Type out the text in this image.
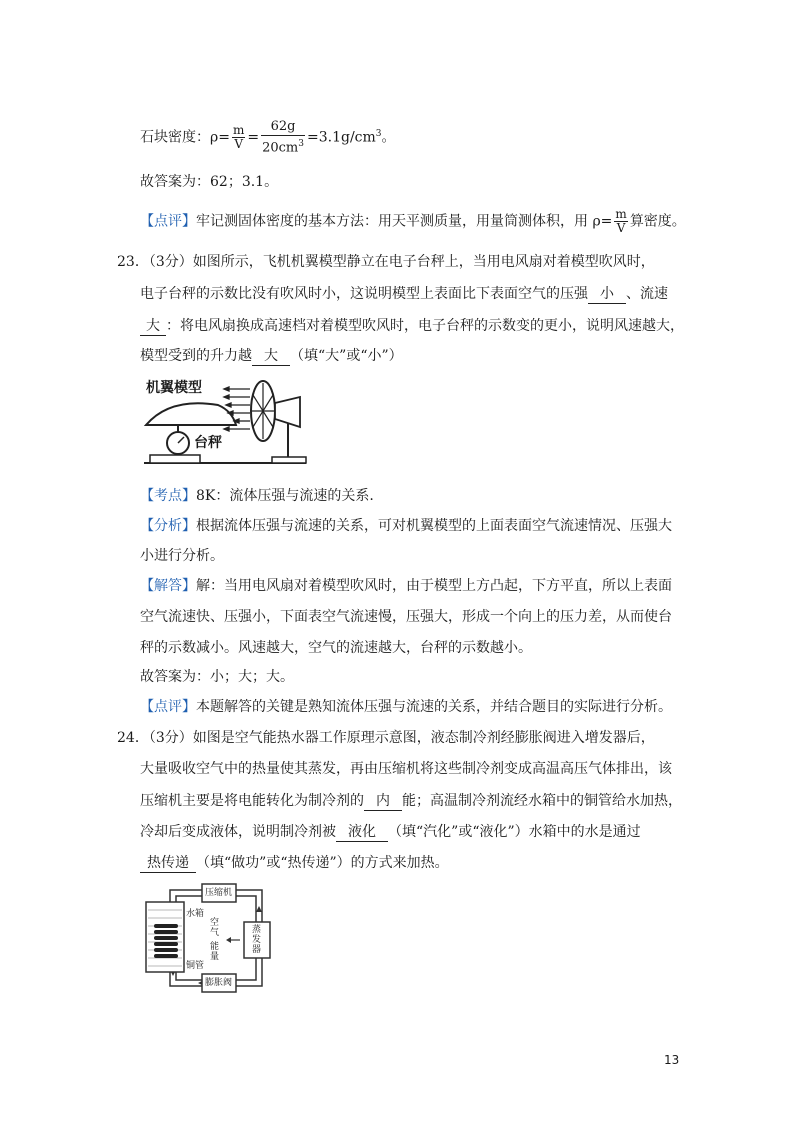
石块密度：$\rho= \frac{m}{V} = \frac{62g}{20cm^3} =3.1g/cm^3$。
故答案为：62；3.1。
【点评】牢记测固体密度的基本方法：用天平测质量，用量筒测体积，用 $\rho= \frac{m}{V}$ 算密度。
23．（3分）如图所示，飞机机翼模型静立在电子台秤上，当用电风扇对着模型吹风时，
电子台秤的示数比没有吹风时小，这说明模型上表面比下表面空气的压强 小 、流速
大 ：将电风扇换成高速档对着模型吹风时，电子台秤的示数变的更小，说明风速越大，
模型受到的升力越 大 （填“大”或“小”）
机翼模型
台秤
【考点】8K：流体压强与流速的关系.
【分析】根据流体压强与流速的关系，可对机翼模型的上面表面空气流速情况、压强大
小进行分析。
【解答】解：当用电风扇对着模型吹风时，由于模型上方凸起，下方平直，所以上表面
空气流速快、压强小，下面表空气流速慢，压强大，形成一个向上的压力差，从而使台
秤的示数减小。风速越大，空气的流速越大，台秤的示数越小。
故答案为：小；大；大。
【点评】本题解答的关键是熟知流体压强与流速的关系，并结合题目的实际进行分析。
24．（3分）如图是空气能热水器工作原理示意图，液态制冷剂经膨胀阀进入增发器后，
大量吸收空气中的热量使其蒸发，再由压缩机将这些制冷剂变成高温高压气体排出，该
压缩机主要是将电能转化为制冷剂的 内 能；高温制冷剂流经水箱中的铜管给水加热，
冷却后变成液体，说明制冷剂被 液化 （填“汽化”或“液化”）水箱中的水是通过
热传递 （填“做功”或“热传递”）的方式来加热。
压缩机
膨胀阀
水箱
铜管
空气
能量
蒸发器
13
